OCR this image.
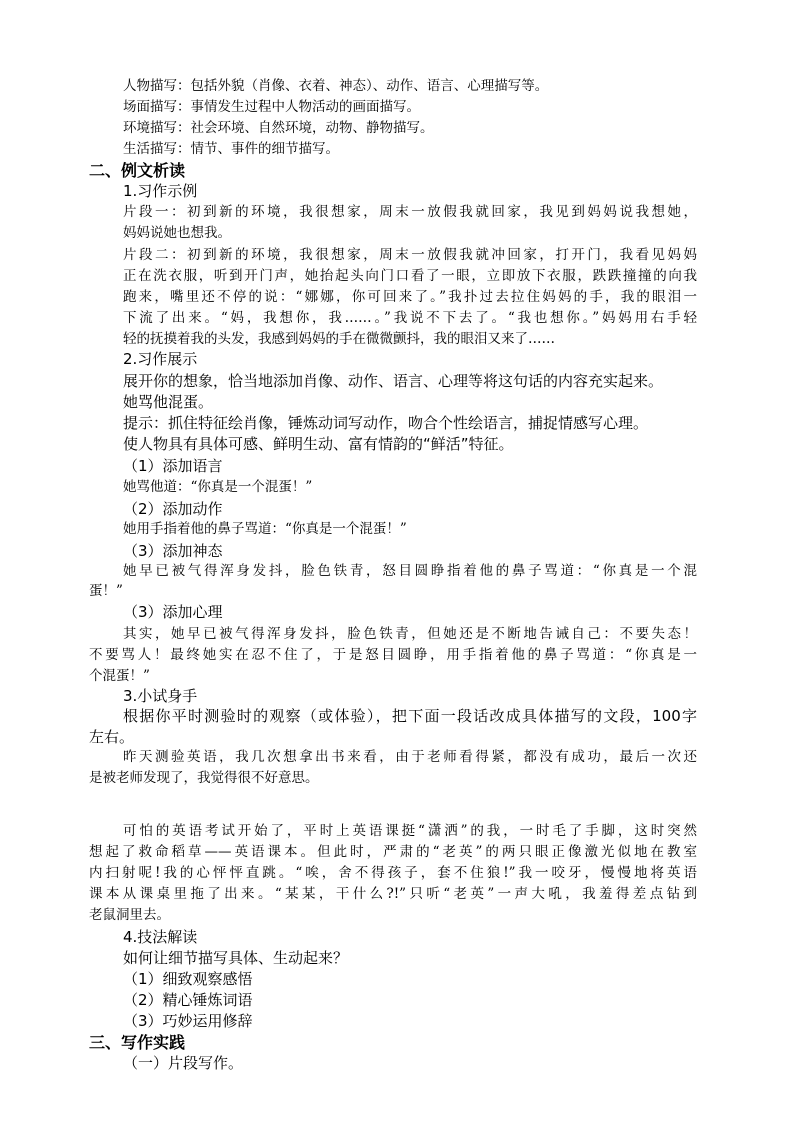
人物描写：包括外貌（肖像、衣着、神态）、动作、语言、心理描写等。
场面描写：事情发生过程中人物活动的画面描写。
环境描写：社会环境、自然环境，动物、静物描写。
生活描写：情节、事件的细节描写。
二、例文析读
1.习作示例
片段一：初到新的环境，我很想家，周末一放假我就回家，我见到妈妈说我想她，
妈妈说她也想我。
片段二：初到新的环境，我很想家，周末一放假我就冲回家，打开门，我看见妈妈
正在洗衣服，听到开门声，她抬起头向门口看了一眼，立即放下衣服，跌跌撞撞的向我
跑来，嘴里还不停的说：“娜娜，你可回来了。”我扑过去拉住妈妈的手，我的眼泪一
下流了出来。“妈，我想你，我……。”我说不下去了。“我也想你。”妈妈用右手轻
轻的抚摸着我的头发，我感到妈妈的手在微微颤抖，我的眼泪又来了……
2.习作展示
展开你的想象，恰当地添加肖像、动作、语言、心理等将这句话的内容充实起来。
她骂他混蛋。
提示：抓住特征绘肖像，锤炼动词写动作，吻合个性绘语言，捕捉情感写心理。
使人物具有具体可感、鲜明生动、富有情韵的“鲜活”特征。
（1）添加语言
她骂他道：“你真是一个混蛋！”
（2）添加动作
她用手指着他的鼻子骂道：“你真是一个混蛋！”
（3）添加神态
她早已被气得浑身发抖，脸色铁青，怒目圆睁指着他的鼻子骂道：“你真是一个混
蛋！”
（3）添加心理
其实，她早已被气得浑身发抖，脸色铁青，但她还是不断地告诫自己：不要失态！
不要骂人！最终她实在忍不住了，于是怒目圆睁，用手指着他的鼻子骂道：“你真是一
个混蛋！”
3.小试身手
根据你平时测验时的观察（或体验），把下面一段话改成具体描写的文段，100字
左右。
昨天测验英语，我几次想拿出书来看，由于老师看得紧，都没有成功，最后一次还
是被老师发现了，我觉得很不好意思。
可怕的英语考试开始了，平时上英语课挺“潇洒”的我，一时毛了手脚，这时突然
想起了救命稻草——英语课本。但此时，严肃的“老英”的两只眼正像激光似地在教室
内扫射呢!我的心怦怦直跳。“唉，舍不得孩子，套不住狼!”我一咬牙，慢慢地将英语
课本从课桌里拖了出来。“某某，干什么?!”只听“老英”一声大吼，我羞得差点钻到
老鼠洞里去。
4.技法解读
如何让细节描写具体、生动起来？
（1）细致观察感悟
（2）精心锤炼词语
（3）巧妙运用修辞
三、写作实践
（一）片段写作。
